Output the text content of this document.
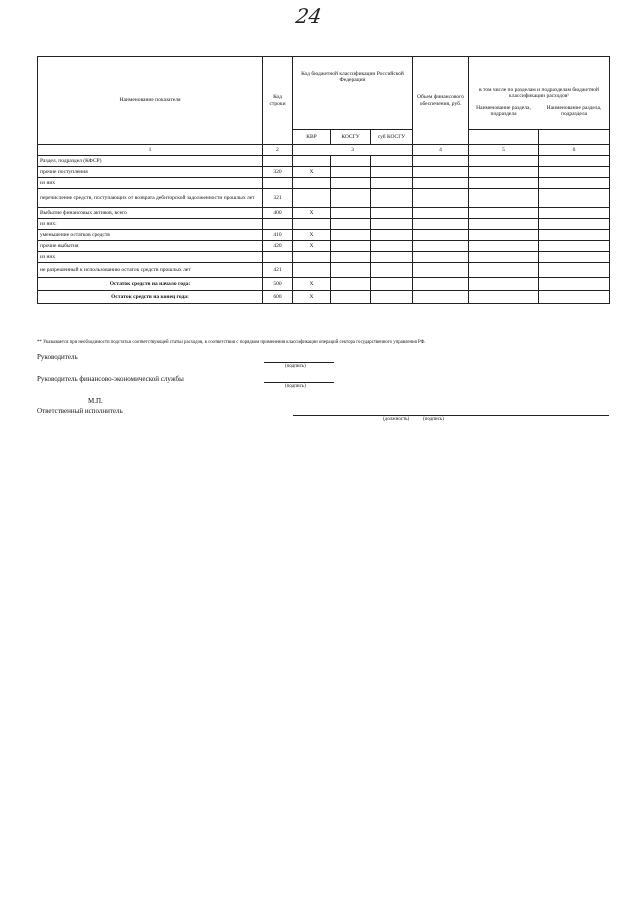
24
Наименование показателя	Код строки	Код бюджетной классификации Российской Федерации			Объем финансового обеспечения, руб.	в том числе по разделам и подразделам бюджетной классификации расходов¹	
		КВР	КОСГУ	суб КОСГУ		Наименование раздела, подраздела	Наименование раздела, подраздела
1	2	3			4	5	6
Раздел, подраздел (КФСР)							
прочие поступления	320	X					
из них							
перечисление средств, поступающих от возврата дебиторской задолженности прошлых лет	321						
Выбытие финансовых активов, всего	400	X					
из них:							
уменьшение остатков средств	410	X					
прочие выбытия	420	X					
из них							
не разрешенный к использованию остаток средств прошлых лет	421						
Остаток средств на начало года:	500	X					
Остаток средств на конец года:	600	X					
** Указывается при необходимости подстатьи соответствующей статьи расходов, в соответствии с порядком применения классификации операций сектора государственного управления РФ.
Руководитель
(подпись)
Руководитель финансово-экономической службы
(подпись)
М.П.
Ответственный исполнитель
(должность)	(подпись)
